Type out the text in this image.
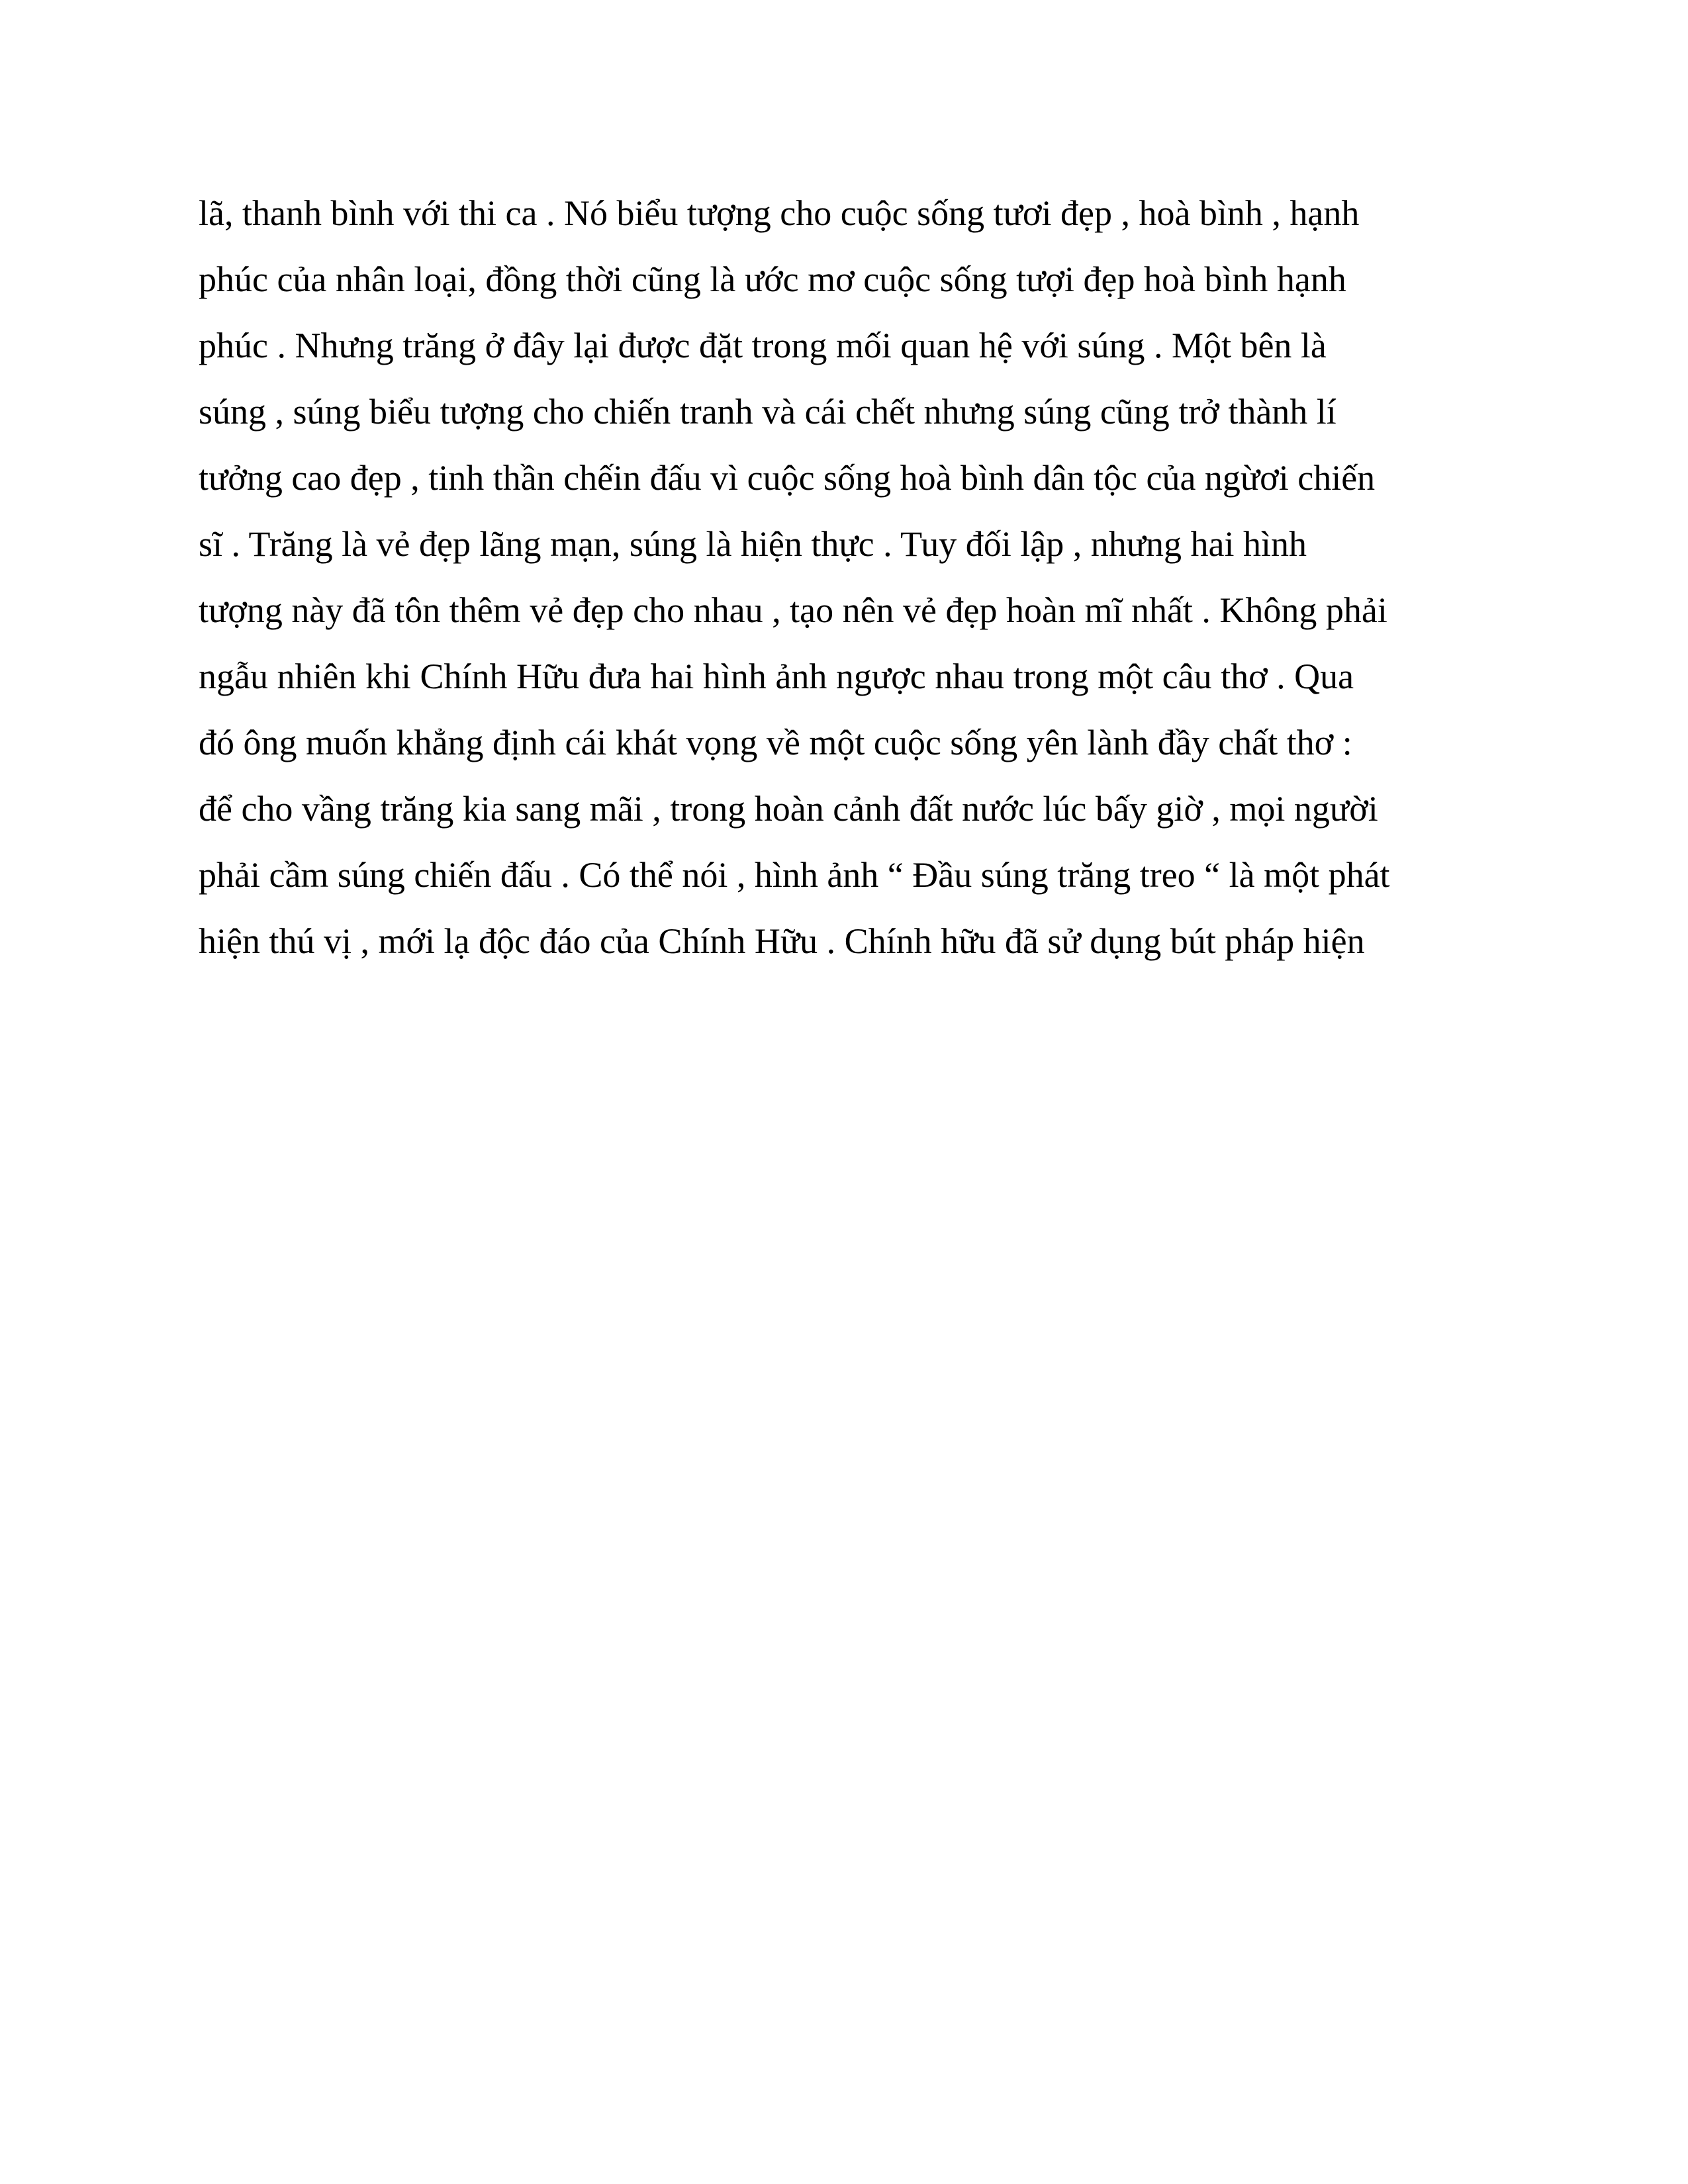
lã, thanh bình với thi ca . Nó biểu tượng cho cuộc sống tươi đẹp , hoà bình , hạnh
phúc của nhân loại, đồng thời cũng là ước mơ cuộc sống tượi đẹp hoà bình hạnh
phúc . Nhưng trăng ở đây lại được đặt trong mối quan hệ với súng . Một bên là
súng , súng biểu tượng cho chiến tranh và cái chết nhưng súng cũng trở thành lí
tưởng cao đẹp , tinh thần chếin đấu vì cuộc sống hoà bình dân tộc của ngừơi chiến
sĩ . Trăng là vẻ đẹp lãng mạn, súng là hiện thực . Tuy đối lập , nhưng hai hình
tượng này đã tôn thêm vẻ đẹp cho nhau , tạo nên vẻ đẹp hoàn mĩ nhất . Không phải
ngẫu nhiên khi Chính Hữu đưa hai hình ảnh ngược nhau trong một câu thơ . Qua
đó ông muốn khẳng định cái khát vọng về một cuộc sống yên lành đầy chất thơ :
để cho vầng trăng kia sang mãi , trong hoàn cảnh đất nước lúc bấy giờ , mọi người
phải cầm súng chiến đấu . Có thể nói , hình ảnh “ Đầu súng trăng treo “ là một phát
hiện thú vị , mới lạ độc đáo của Chính Hữu . Chính hữu đã sử dụng bút pháp hiện
